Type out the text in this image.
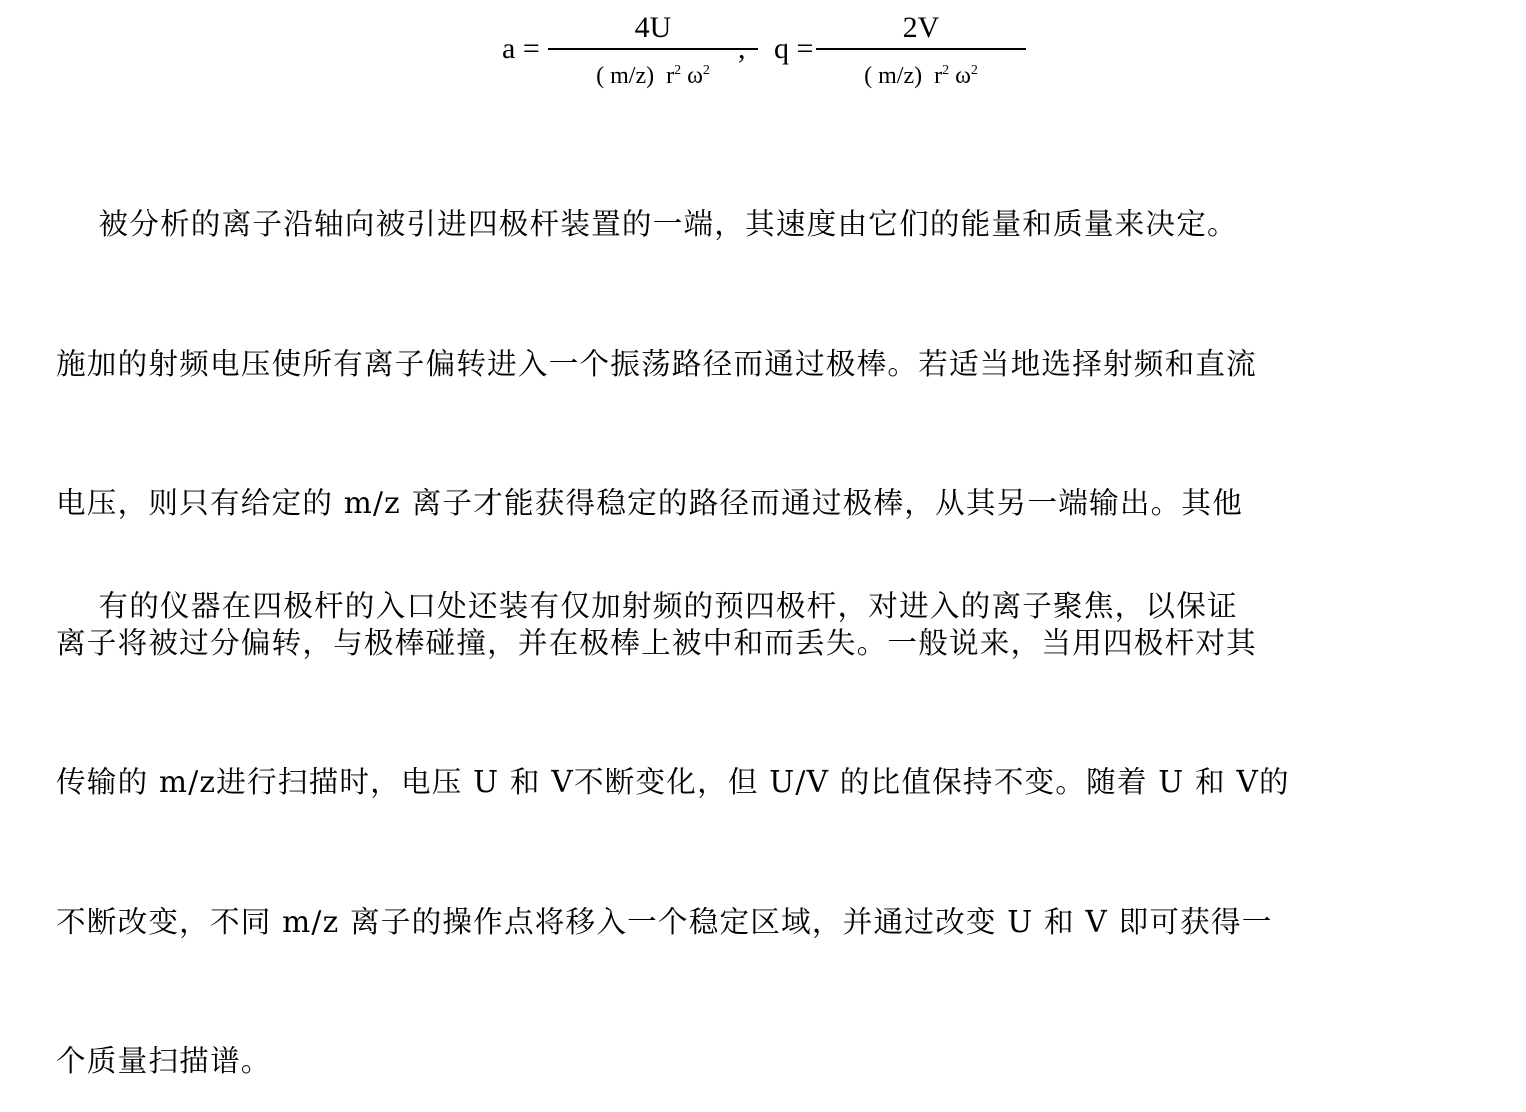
a =
4U
( m/z)  $r^2$ $\omega^2$
, q =
2V
( m/z)  $r^2$ $\omega^2$

被分析的离子沿轴向被引进四极杆装置的一端，其速度由它们的能量和质量来决定。

施加的射频电压使所有离子偏转进入一个振荡路径而通过极棒。若适当地选择射频和直流

电压，则只有给定的 m/z 离子才能获得稳定的路径而通过极棒，从其另一端输出。其他

离子将被过分偏转，与极棒碰撞，并在极棒上被中和而丢失。一般说来，当用四极杆对其

传输的 m/z进行扫描时，电压 U 和 V不断变化，但 U/V 的比值保持不变。随着 U 和 V的

不断改变，不同 m/z 离子的操作点将移入一个稳定区域，并通过改变 U 和 V 即可获得一

个质量扫描谱。

有的仪器在四极杆的入口处还装有仅加射频的预四极杆，对进入的离子聚焦，以保证
